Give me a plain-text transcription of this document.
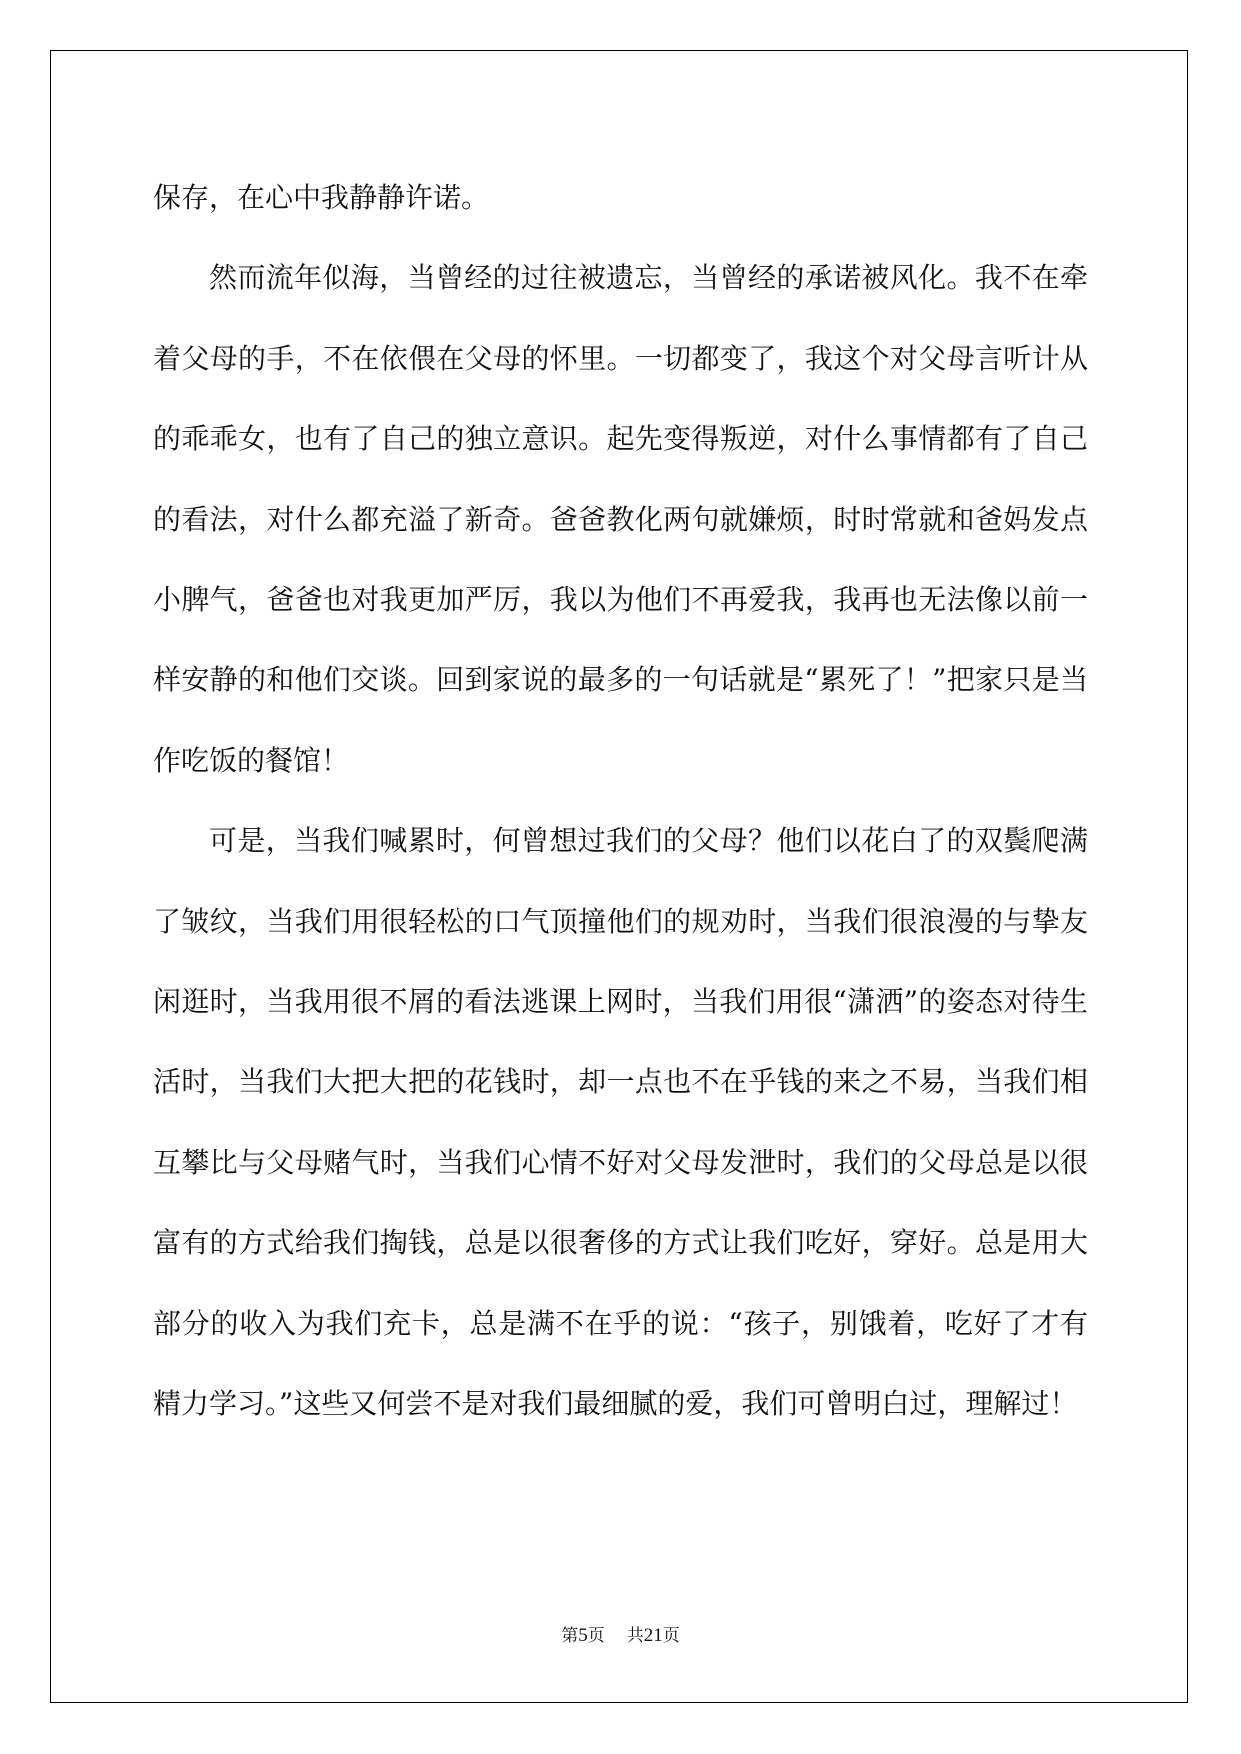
保存，在心中我静静许诺。

然而流年似海，当曾经的过往被遗忘，当曾经的承诺被风化。我不在牵着父母的手，不在依偎在父母的怀里。一切都变了，我这个对父母言听计从的乖乖女，也有了自己的独立意识。起先变得叛逆，对什么事情都有了自己的看法，对什么都充溢了新奇。爸爸教化两句就嫌烦，时时常就和爸妈发点小脾气，爸爸也对我更加严厉，我以为他们不再爱我，我再也无法像以前一样安静的和他们交谈。回到家说的最多的一句话就是“累死了！”把家只是当作吃饭的餐馆！

可是，当我们喊累时，何曾想过我们的父母？他们以花白了的双鬓爬满了皱纹，当我们用很轻松的口气顶撞他们的规劝时，当我们很浪漫的与挚友闲逛时，当我用很不屑的看法逃课上网时，当我们用很“潇洒”的姿态对待生活时，当我们大把大把的花钱时，却一点也不在乎钱的来之不易，当我们相互攀比与父母赌气时，当我们心情不好对父母发泄时，我们的父母总是以很富有的方式给我们掏钱，总是以很奢侈的方式让我们吃好，穿好。总是用大部分的收入为我们充卡，总是满不在乎的说：“孩子，别饿着，吃好了才有精力学习。”这些又何尝不是对我们最细腻的爱，我们可曾明白过，理解过！

第5页 共21页
